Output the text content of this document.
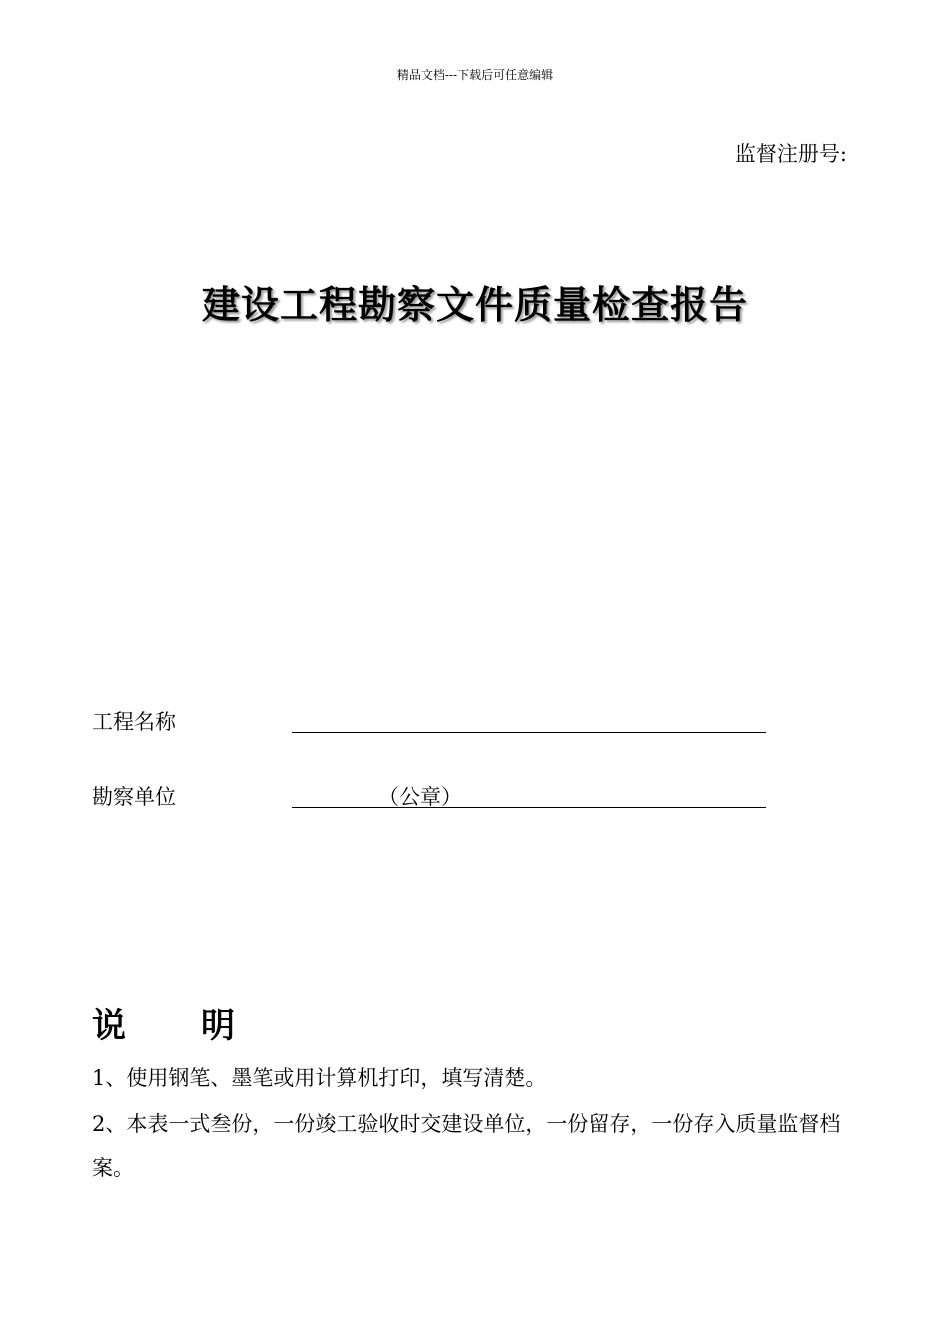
精品文档---下载后可任意编辑
监督注册号:
建设工程勘察文件质量检查报告
工程名称
勘察单位	（公章）
说 明

1、使用钢笔、墨笔或用计算机打印，填写清楚。

2、本表一式叁份，一份竣工验收时交建设单位，一份留存，一份存入质量监督档案。
